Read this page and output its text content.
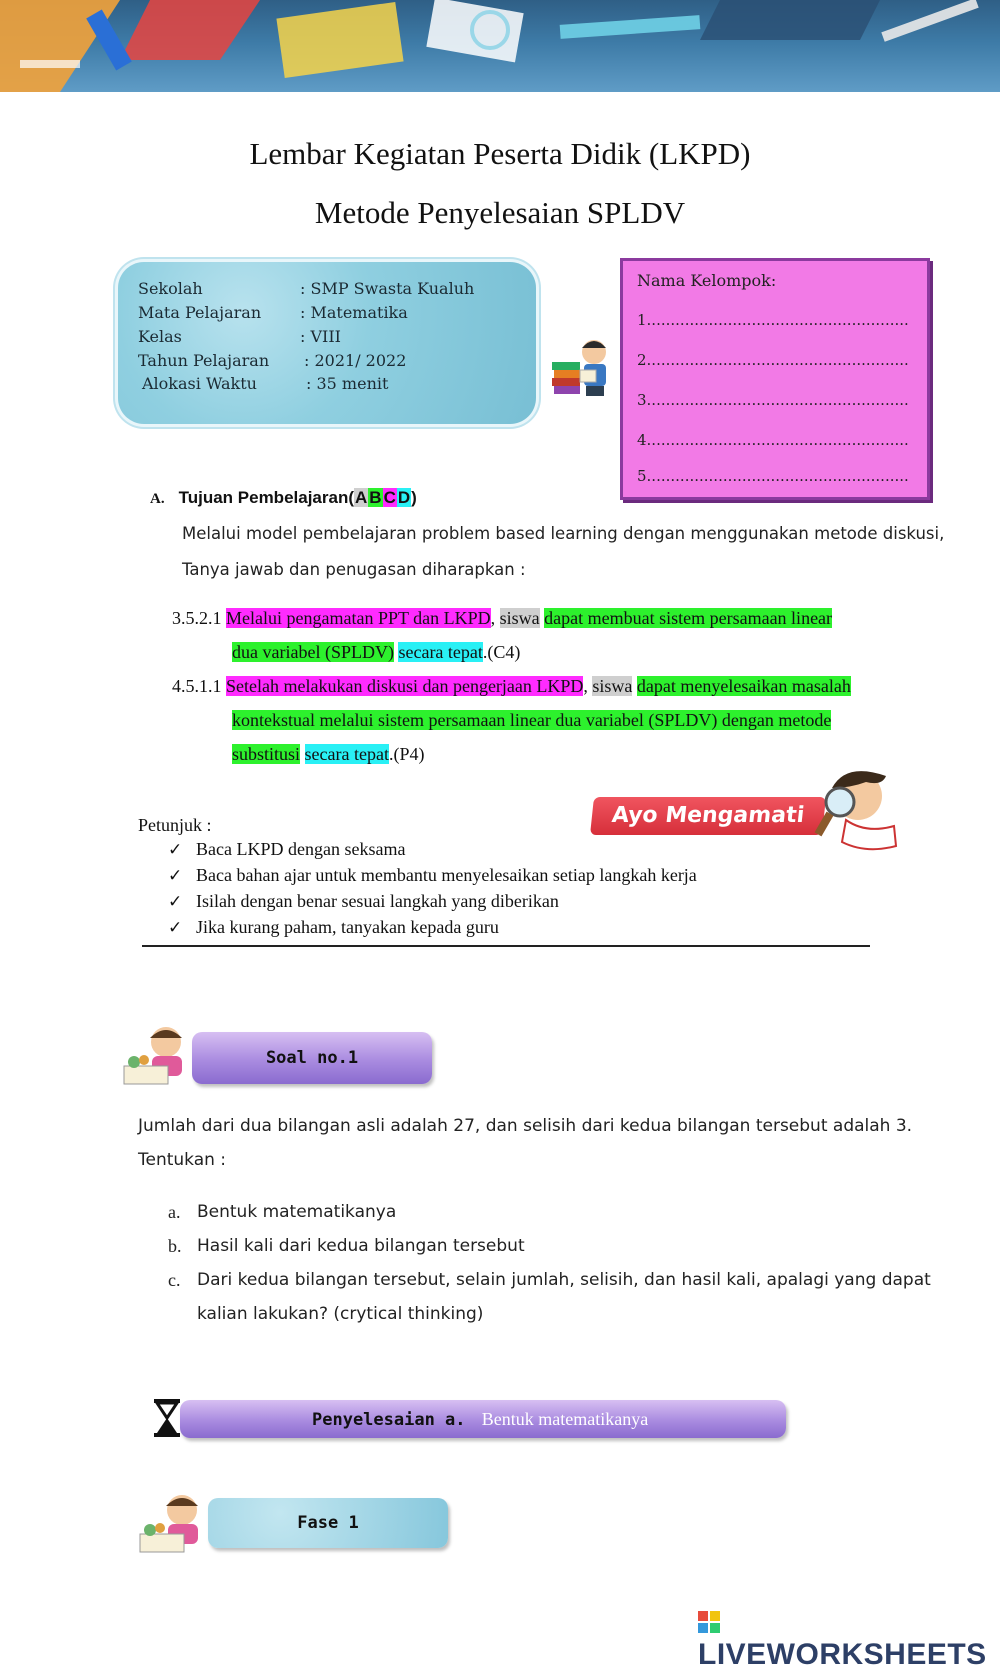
Lembar Kegiatan Peserta Didik (LKPD)
Metode Penyelesaian SPLDV
Sekolah	: SMP Swasta Kualuh
Mata Pelajaran : Matematika
Kelas	: VIII
Tahun Pelajaran : 2021/ 2022
Alokasi Waktu	: 35 menit
Nama Kelompok:
1.......................................................
2.......................................................
3.......................................................
4.......................................................
5.......................................................
A. Tujuan Pembelajaran(A B C D)
Melalui model pembelajaran problem based learning dengan menggunakan metode diskusi,
Tanya jawab dan penugasan diharapkan :
3.5.2.1 Melalui pengamatan PPT dan LKPD, siswa dapat membuat sistem persamaan linear
dua variabel (SPLDV) secara tepat.(C4)
4.5.1.1 Setelah melakukan diskusi dan pengerjaan LKPD, siswa dapat menyelesaikan masalah
kontekstual melalui sistem persamaan linear dua variabel (SPLDV) dengan metode
substitusi secara tepat.(P4)
Ayo Mengamati
Petunjuk :
✓ Baca LKPD dengan seksama
✓ Baca bahan ajar untuk membantu menyelesaikan setiap langkah kerja
✓ Isilah dengan benar sesuai langkah yang diberikan
✓ Jika kurang paham, tanyakan kepada guru
Soal no.1
Jumlah dari dua bilangan asli adalah 27, dan selisih dari kedua bilangan tersebut adalah 3.
Tentukan :
a. Bentuk matematikanya
b. Hasil kali dari kedua bilangan tersebut
c. Dari kedua bilangan tersebut, selain jumlah, selisih, dan hasil kali, apalagi yang dapat
kalian lakukan? (crytical thinking)
Penyelesaian a. Bentuk matematikanya
Fase 1
LIVEWORKSHEETS
